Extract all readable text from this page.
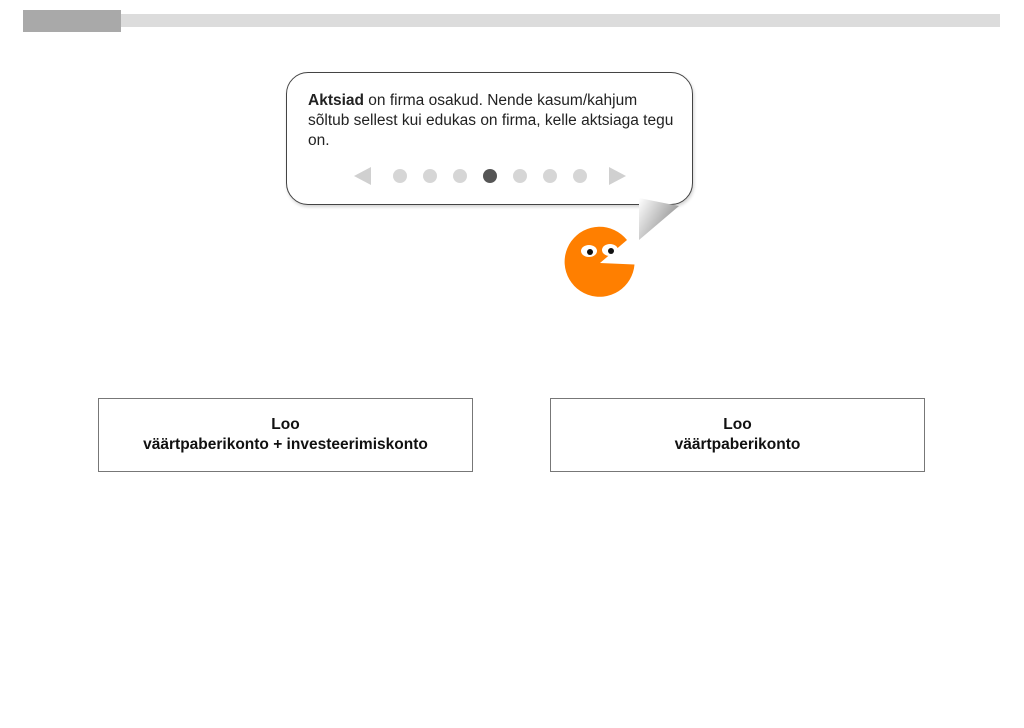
Aktsiad on firma osakud. Nende kasum/kahjum sõltub sellest kui edukas on firma, kelle aktsiaga tegu on.
Loo
väärtpaberikonto + investeerimiskonto
Loo
väärtpaberikonto
